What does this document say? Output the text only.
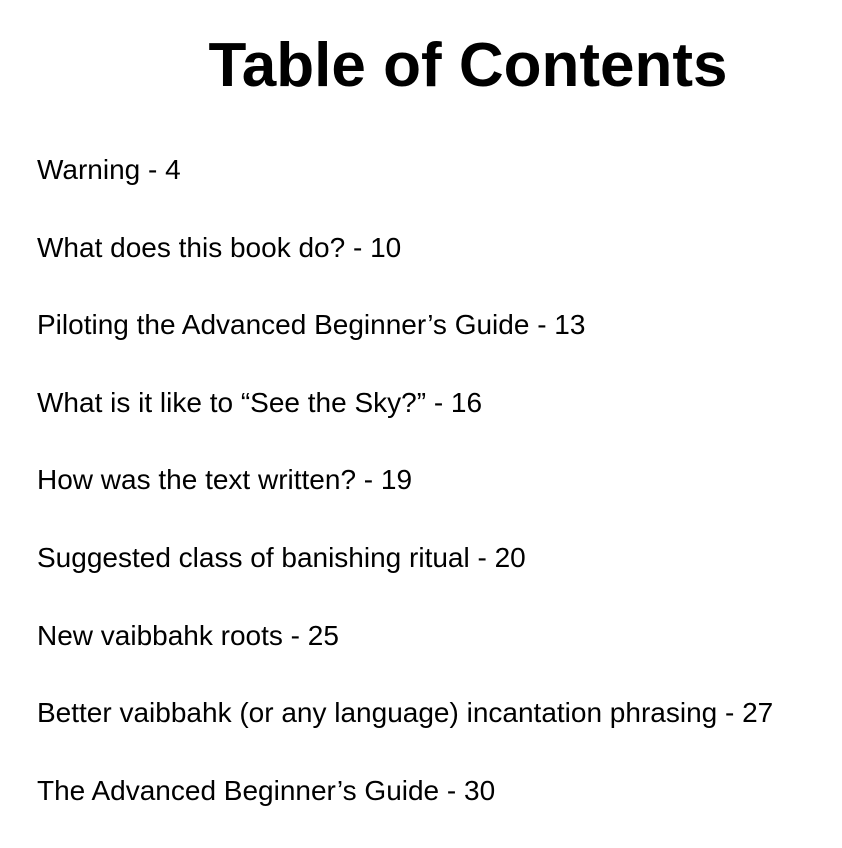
Table of Contents
Warning - 4
What does this book do? - 10
Piloting the Advanced Beginner’s Guide - 13
What is it like to “See the Sky?” - 16
How was the text written? - 19
Suggested class of banishing ritual - 20
New vaibbahk roots - 25
Better vaibbahk (or any language) incantation phrasing - 27
The Advanced Beginner’s Guide - 30
